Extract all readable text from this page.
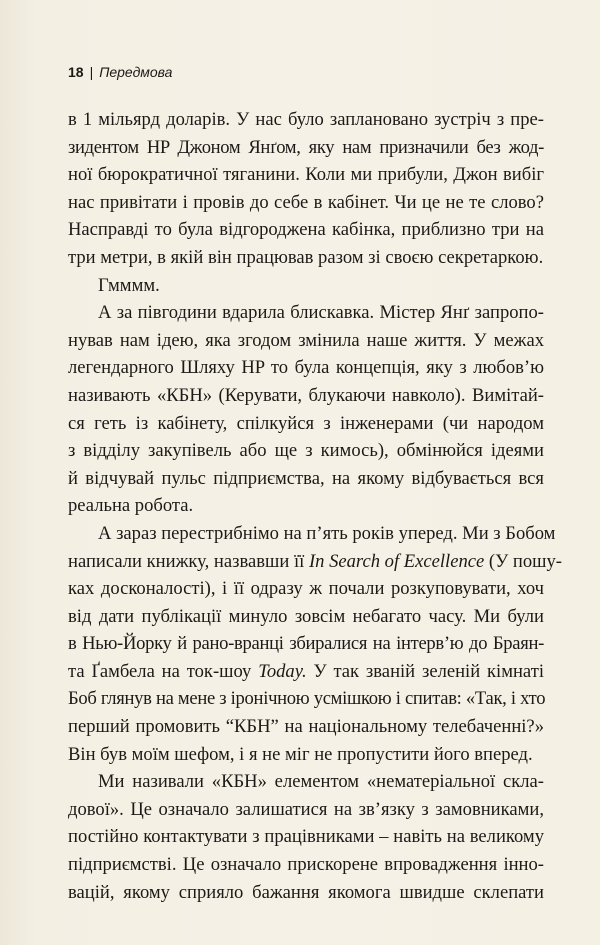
18 | Передмова
в 1 мільярд доларів. У нас було заплановано зустріч з пре-
зидентом HP Джоном Янґом, яку нам призначили без жод-
ної бюрократичної тяганини. Коли ми прибули, Джон вибіг
нас привітати і провів до себе в кабінет. Чи це не те слово?
Насправді то була відгороджена кабінка, приблизно три на
три метри, в якій він працював разом зі своєю секретаркою.
Гмммм.
А за півгодини вдарила блискавка. Містер Янґ запропо-
нував нам ідею, яка згодом змінила наше життя. У межах
легендарного Шляху HP то була концепція, яку з любов’ю
називають «КБН» (Керувати, блукаючи навколо). Вимітай-
ся геть із кабінету, спілкуйся з інженерами (чи народом
з відділу закупівель або ще з кимось), обмінюйся ідеями
й відчувай пульс підприємства, на якому відбувається вся
реальна робота.
А зараз перестрибнімо на п’ять років уперед. Ми з Бобом
написали книжку, назвавши її In Search of Excellence (У пошу-
ках досконалості), і її одразу ж почали розкуповувати, хоч
від дати публікації минуло зовсім небагато часу. Ми були
в Нью-Йорку й рано-вранці збиралися на інтерв’ю до Браян-
та Ґамбела на ток-шоу Today. У так званій зеленій кімнаті
Боб глянув на мене з іронічною усмішкою і спитав: «Так, і хто
перший промовить “КБН” на національному телебаченні?»
Він був моїм шефом, і я не міг не пропустити його вперед.
Ми називали «КБН» елементом «нематеріальної скла-
дової». Це означало залишатися на зв’язку з замовниками,
постійно контактувати з працівниками – навіть на великому
підприємстві. Це означало прискорене впровадження інно-
вацій, якому сприяло бажання якомога швидше склепати
